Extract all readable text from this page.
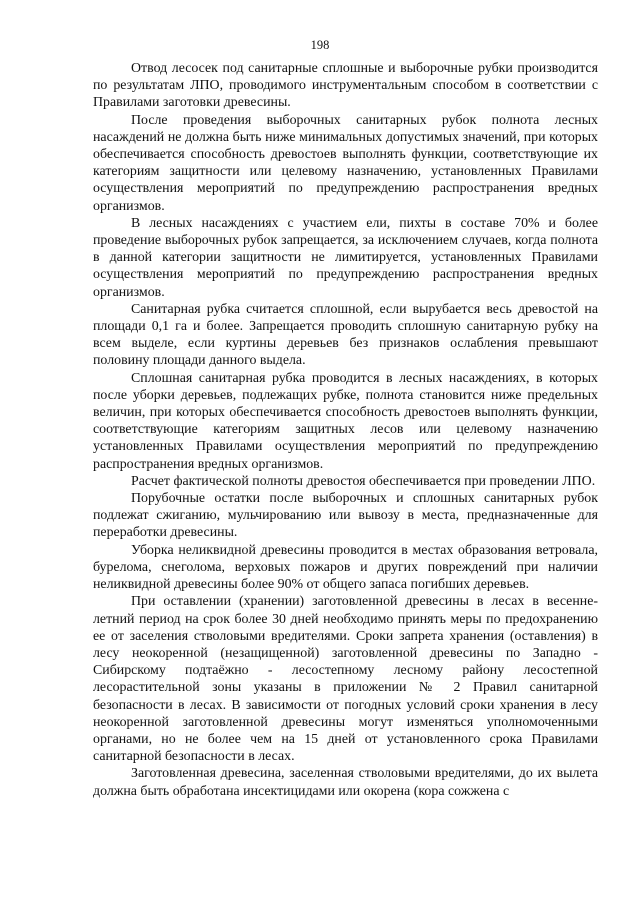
198

Отвод лесосек под санитарные сплошные и выборочные рубки производится по результатам ЛПО, проводимого инструментальным способом в соответствии с Правилами заготовки древесины.

После проведения выборочных санитарных рубок полнота лесных насаждений не должна быть ниже минимальных допустимых значений, при которых обеспечивается способность древостоев выполнять функции, соответствующие их категориям защитности или целевому назначению, установленных Правилами осуществления мероприятий по предупреждению распространения вредных организмов.

В лесных насаждениях с участием ели, пихты в составе 70% и более проведение выборочных рубок запрещается, за исключением случаев, когда полнота в данной категории защитности не лимитируется, установленных Правилами осуществления мероприятий по предупреждению распространения вредных организмов.

Санитарная рубка считается сплошной, если вырубается весь древостой на площади 0,1 га и более. Запрещается проводить сплошную санитарную рубку на всем выделе, если куртины деревьев без признаков ослабления превышают половину площади данного выдела.

Сплошная санитарная рубка проводится в лесных насаждениях, в которых после уборки деревьев, подлежащих рубке, полнота становится ниже предельных величин, при которых обеспечивается способность древостоев выполнять функции, соответствующие категориям защитных лесов или целевому назначению установленных Правилами осуществления мероприятий по предупреждению распространения вредных организмов.

Расчет фактической полноты древостоя обеспечивается при проведении ЛПО.

Порубочные остатки после выборочных и сплошных санитарных рубок подлежат сжиганию, мульчированию или вывозу в места, предназначенные для переработки древесины.

Уборка неликвидной древесины проводится в местах образования ветровала, бурелома, снеголома, верховых пожаров и других повреждений при наличии неликвидной древесины более 90% от общего запаса погибших деревьев.

При оставлении (хранении) заготовленной древесины в лесах в весенне-летний период на срок более 30 дней необходимо принять меры по предохранению ее от заселения стволовыми вредителями. Сроки запрета хранения (оставления) в лесу неокоренной (незащищенной) заготовленной древесины по Западно - Сибирскому подтаёжно - лесостепному лесному району лесостепной лесорастительной зоны указаны в приложении № 2 Правил санитарной безопасности в лесах. В зависимости от погодных условий сроки хранения в лесу неокоренной заготовленной древесины могут изменяться уполномоченными органами, но не более чем на 15 дней от установленного срока Правилами санитарной безопасности в лесах.

Заготовленная древесина, заселенная стволовыми вредителями, до их вылета должна быть обработана инсектицидами или окорена (кора сожжена с
